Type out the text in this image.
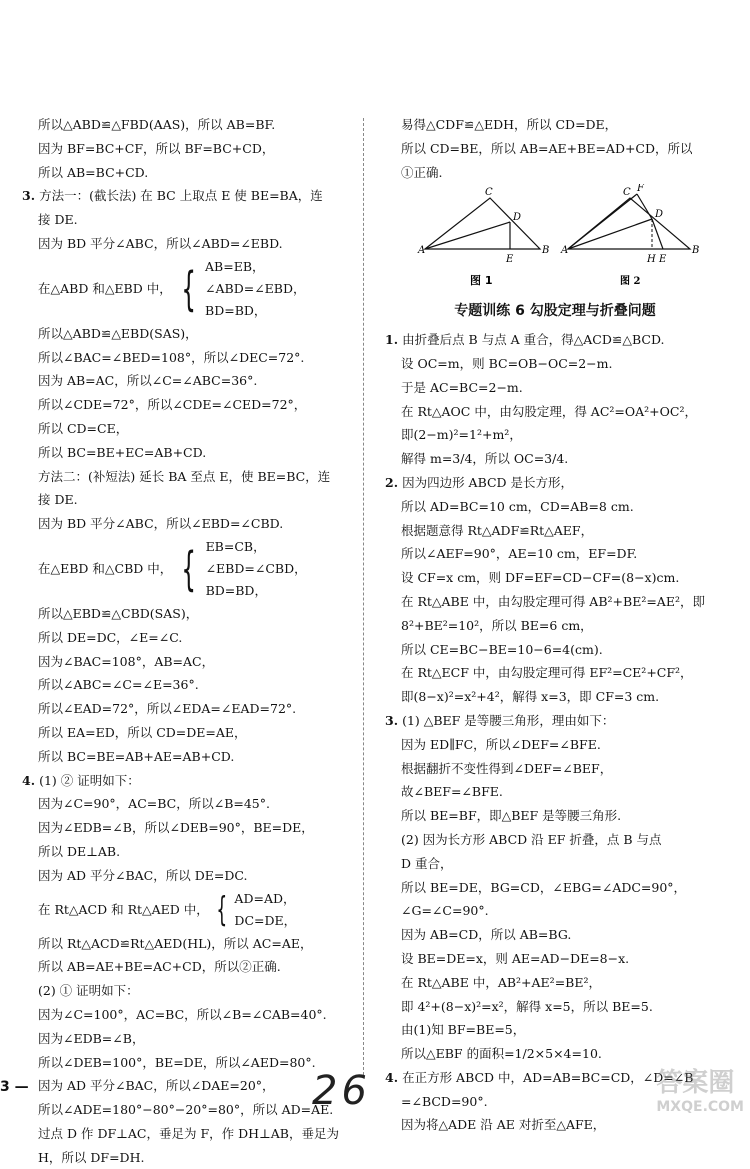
所以△ABD≌△FBD(AAS)，所以 AB=BF.
因为 BF=BC+CF，所以 BF=BC+CD，
所以 AB=BC+CD.
3. 方法一：(截长法) 在 BC 上取点 E 使 BE=BA，连
接 DE.
因为 BD 平分∠ABC，所以∠ABD=∠EBD.
在△ABD 和△EBD 中， { AB=EB，
∠ABD=∠EBD，
BD=BD，
所以△ABD≌△EBD(SAS)，
所以∠BAC=∠BED=108°，所以∠DEC=72°.
因为 AB=AC，所以∠C=∠ABC=36°.
所以∠CDE=72°，所以∠CDE=∠CED=72°，
所以 CD=CE，
所以 BC=BE+EC=AB+CD.
方法二：(补短法) 延长 BA 至点 E，使 BE=BC，连
接 DE.
因为 BD 平分∠ABC，所以∠EBD=∠CBD.
在△EBD 和△CBD 中， { EB=CB，
∠EBD=∠CBD，
BD=BD，
所以△EBD≌△CBD(SAS)，
所以 DE=DC，∠E=∠C.
因为∠BAC=108°，AB=AC，
所以∠ABC=∠C=∠E=36°.
所以∠EAD=72°，所以∠EDA=∠EAD=72°.
所以 EA=ED，所以 CD=DE=AE，
所以 BC=BE=AB+AE=AB+CD.
4. (1) ② 证明如下：
因为∠C=90°，AC=BC，所以∠B=45°.
因为∠EDB=∠B，所以∠DEB=90°，BE=DE，
所以 DE⊥AB.
因为 AD 平分∠BAC，所以 DE=DC.
在 Rt△ACD 和 Rt△AED 中， { AD=AD，
DC=DE，
所以 Rt△ACD≌Rt△AED(HL)，所以 AC=AE，
所以 AB=AE+BE=AC+CD，所以②正确.
(2) ① 证明如下：
因为∠C=100°，AC=BC，所以∠B=∠CAB=40°.
因为∠EDB=∠B，
所以∠DEB=100°，BE=DE，所以∠AED=80°.
因为 AD 平分∠BAC，所以∠DAE=20°，
所以∠ADE=180°−80°−20°=80°，所以 AD=AE.
过点 D 作 DF⊥AC，垂足为 F，作 DH⊥AB，垂足为
H，所以 DF=DH.
易得△CDF≌△EDH，所以 CD=DE，
所以 CD=BE，所以 AB=AE+BE=AD+CD，所以
①正确.
A
C
D
E
B
图 1
A
C F
D
H E
B
图 2
专题训练 6 勾股定理与折叠问题
1. 由折叠后点 B 与点 A 重合，得△ACD≌△BCD.
设 OC=m，则 BC=OB−OC=2−m.
于是 AC=BC=2−m.
在 Rt△AOC 中，由勾股定理，得 AC²=OA²+OC²，
即(2−m)²=1²+m²，
解得 m=3/4，所以 OC=3/4.
2. 因为四边形 ABCD 是长方形，
所以 AD=BC=10 cm，CD=AB=8 cm.
根据题意得 Rt△ADF≌Rt△AEF，
所以∠AEF=90°，AE=10 cm，EF=DF.
设 CF=x cm，则 DF=EF=CD−CF=(8−x)cm.
在 Rt△ABE 中，由勾股定理可得 AB²+BE²=AE²，即
8²+BE²=10²，所以 BE=6 cm，
所以 CE=BC−BE=10−6=4(cm).
在 Rt△ECF 中，由勾股定理可得 EF²=CE²+CF²，
即(8−x)²=x²+4²，解得 x=3，即 CF=3 cm.
3. (1) △BEF 是等腰三角形，理由如下：
因为 ED∥FC，所以∠DEF=∠BFE.
根据翻折不变性得到∠DEF=∠BEF，
故∠BEF=∠BFE.
所以 BE=BF，即△BEF 是等腰三角形.
(2) 因为长方形 ABCD 沿 EF 折叠，点 B 与点
D 重合，
所以 BE=DE，BG=CD，∠EBG=∠ADC=90°，
∠G=∠C=90°.
因为 AB=CD，所以 AB=BG.
设 BE=DE=x，则 AE=AD−DE=8−x.
在 Rt△ABE 中，AB²+AE²=BE²，
即 4²+(8−x)²=x²，解得 x=5，所以 BE=5.
由(1)知 BF=BE=5，
所以△EBF 的面积=1/2×5×4=10.
4. 在正方形 ABCD 中，AD=AB=BC=CD，∠D=∠B
=∠BCD=90°.
因为将△ADE 沿 AE 对折至△AFE，
3 —	26	答案圈
MXQE.COM
